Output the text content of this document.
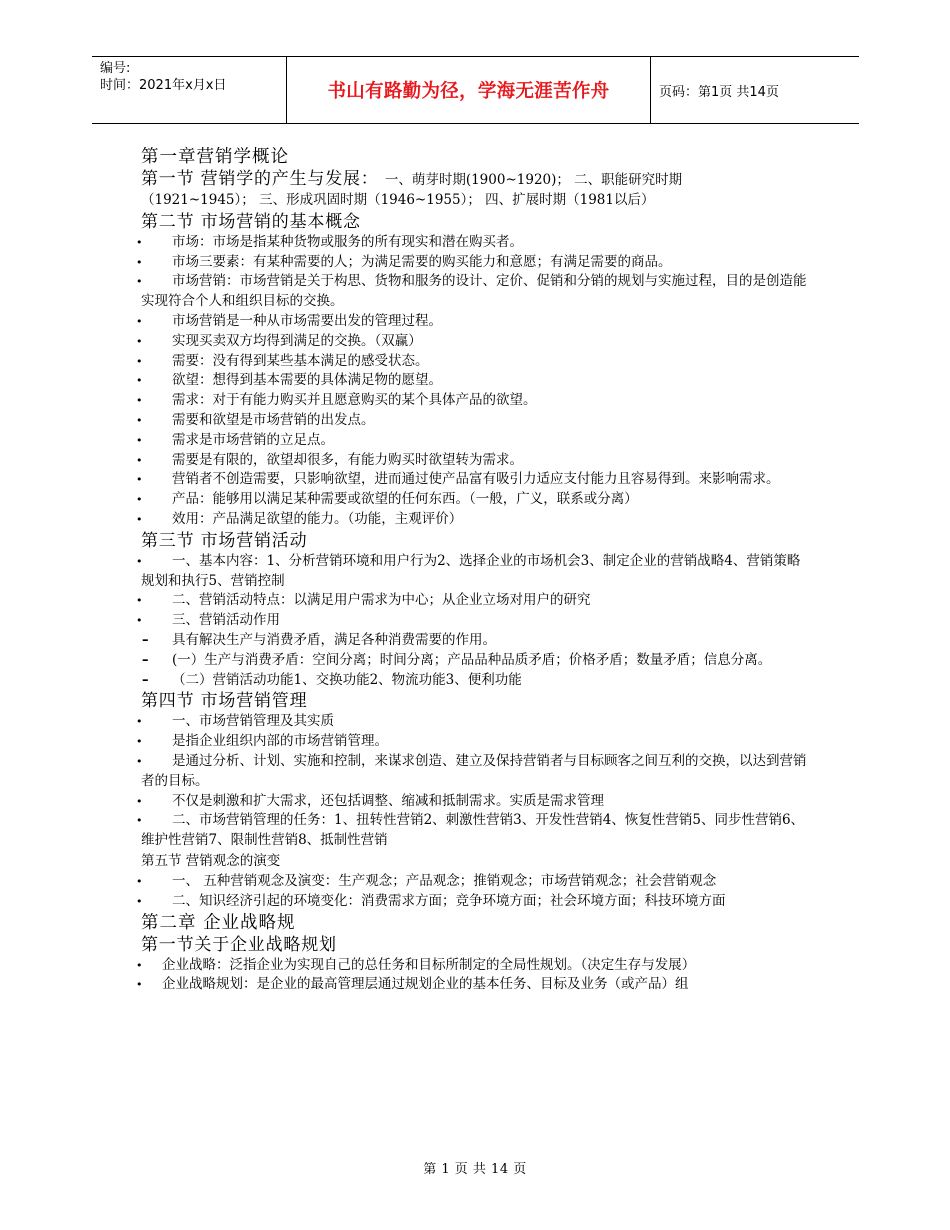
编号:
时间：2021年x月x日	书山有路勤为径，学海无涯苦作舟	页码：第1页 共14页

第一章营销学概论

第一节 营销学的产生与发展： 一、萌芽时期(1900~1920)； 二、职能研究时期

（1921~1945）； 三、形成巩固时期（1946~1955）； 四、扩展时期（1981以后）

第二节 市场营销的基本概念

•	市场：市场是指某种货物或服务的所有现实和潜在购买者。

•	市场三要素：有某种需要的人；为满足需要的购买能力和意愿；有满足需要的商品。

•	市场营销：市场营销是关于构思、货物和服务的设计、定价、促销和分销的规划与实施过程，目的是创造能实现符合个人和组织目标的交换。

•	市场营销是一种从市场需要出发的管理过程。

•	实现买卖双方均得到满足的交换。（双赢）

•	需要：没有得到某些基本满足的感受状态。

•	欲望：想得到基本需要的具体满足物的愿望。

•	需求：对于有能力购买并且愿意购买的某个具体产品的欲望。

•	需要和欲望是市场营销的出发点。

•	需求是市场营销的立足点。

•	需要是有限的，欲望却很多，有能力购买时欲望转为需求。

•	营销者不创造需要，只影响欲望，进而通过使产品富有吸引力适应支付能力且容易得到。来影响需求。

•	产品：能够用以满足某种需要或欲望的任何东西。（一般，广义，联系或分离）

•	效用：产品满足欲望的能力。（功能，主观评价）

第三节 市场营销活动

•	一、基本内容：1、分析营销环境和用户行为2、选择企业的市场机会3、制定企业的营销战略4、营销策略规划和执行5、营销控制

•	二、营销活动特点：以满足用户需求为中心；从企业立场对用户的研究

•	三、营销活动作用

–	具有解决生产与消费矛盾，满足各种消费需要的作用。

–	(一）生产与消费矛盾：空间分离；时间分离；产品品种品质矛盾；价格矛盾；数量矛盾；信息分离。

–	（二）营销活动功能1、交换功能2、物流功能3、便利功能

第四节 市场营销管理

•	一、市场营销管理及其实质

•	是指企业组织内部的市场营销管理。

•	是通过分析、计划、实施和控制，来谋求创造、建立及保持营销者与目标顾客之间互利的交换，以达到营销者的目标。

•	不仅是刺激和扩大需求，还包括调整、缩减和抵制需求。实质是需求管理

•	二、市场营销管理的任务：1、扭转性营销2、刺激性营销3、开发性营销4、恢复性营销5、同步性营销6、维护性营销7、限制性营销8、抵制性营销

第五节 营销观念的演变

•	一、 五种营销观念及演变：生产观念；产品观念；推销观念；市场营销观念；社会营销观念

•	二、知识经济引起的环境变化：消费需求方面；竞争环境方面；社会环境方面；科技环境方面

第二章 企业战略规

第一节关于企业战略规划

•	企业战略：泛指企业为实现自己的总任务和目标所制定的全局性规划。（决定生存与发展）

•	企业战略规划：是企业的最高管理层通过规划企业的基本任务、目标及业务（或产品）组

第 1 页 共 14 页
